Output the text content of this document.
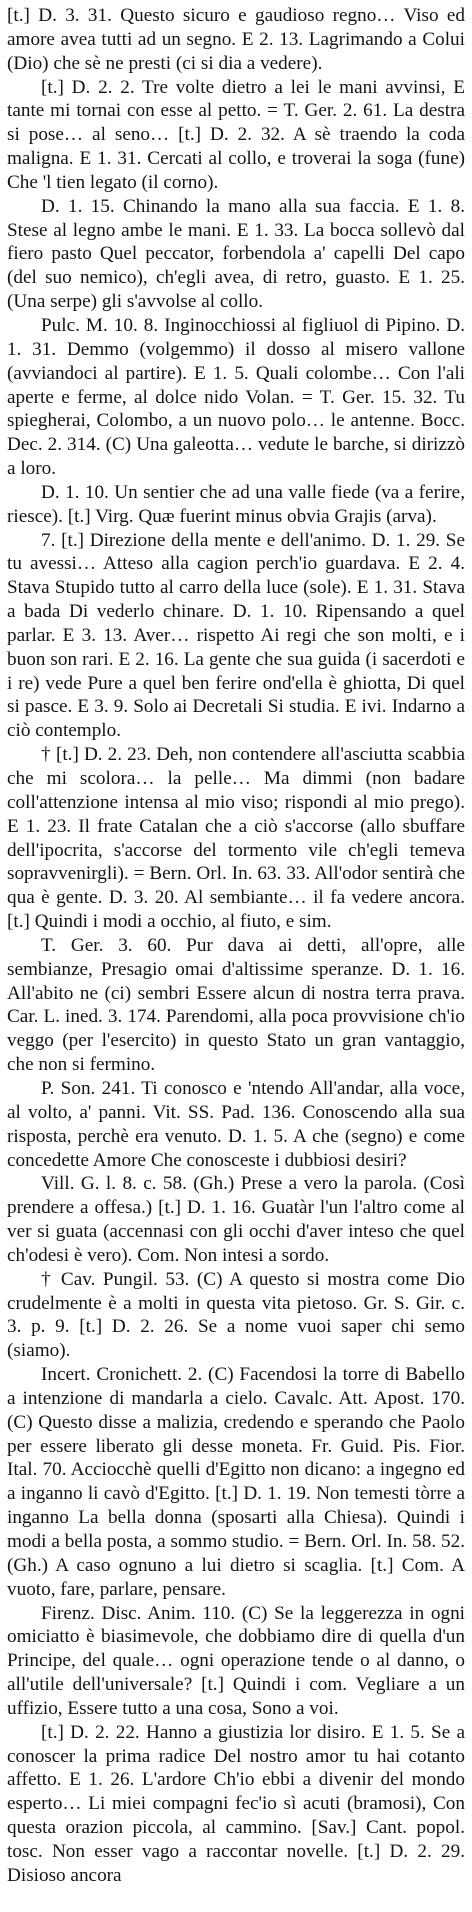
[t.] D. 3. 31. Questo sicuro e gaudioso regno… Viso ed amore avea tutti ad un segno. E 2. 13. Lagrimando a Colui (Dio) che sè ne presti (ci si dia a vedere).

[t.] D. 2. 2. Tre volte dietro a lei le mani avvinsi, E tante mi tornai con esse al petto. = T. Ger. 2. 61. La destra si pose… al seno… [t.] D. 2. 32. A sè traendo la coda maligna. E 1. 31. Cercati al collo, e troverai la soga (fune) Che 'l tien legato (il corno).

D. 1. 15. Chinando la mano alla sua faccia. E 1. 8. Stese al legno ambe le mani. E 1. 33. La bocca sollevò dal fiero pasto Quel peccator, forbendola a' capelli Del capo (del suo nemico), ch'egli avea, di retro, guasto. E 1. 25. (Una serpe) gli s'avvolse al collo.

Pulc. M. 10. 8. Inginocchiossi al figliuol di Pipino. D. 1. 31. Demmo (volgemmo) il dosso al misero vallone (avviandoci al partire). E 1. 5. Quali colombe… Con l'ali aperte e ferme, al dolce nido Volan. = T. Ger. 15. 32. Tu spiegherai, Colombo, a un nuovo polo… le antenne. Bocc. Dec. 2. 314. (C) Una galeotta… vedute le barche, si dirizzò a loro.

D. 1. 10. Un sentier che ad una valle fiede (va a ferire, riesce). [t.] Virg. Quæ fuerint minus obvia Grajis (arva).

7. [t.] Direzione della mente e dell'animo. D. 1. 29. Se tu avessi… Atteso alla cagion perch'io guardava. E 2. 4. Stava Stupido tutto al carro della luce (sole). E 1. 31. Stava a bada Di vederlo chinare. D. 1. 10. Ripensando a quel parlar. E 3. 13. Aver… rispetto Ai regi che son molti, e i buon son rari. E 2. 16. La gente che sua guida (i sacerdoti e i re) vede Pure a quel ben ferire ond'ella è ghiotta, Di quel si pasce. E 3. 9. Solo ai Decretali Si studia. E ivi. Indarno a ciò contemplo.

† [t.] D. 2. 23. Deh, non contendere all'asciutta scabbia che mi scolora… la pelle… Ma dimmi (non badare coll'attenzione intensa al mio viso; rispondi al mio prego). E 1. 23. Il frate Catalan che a ciò s'accorse (allo sbuffare dell'ipocrita, s'accorse del tormento vile ch'egli temeva sopravvenirgli). = Bern. Orl. In. 63. 33. All'odor sentirà che qua è gente. D. 3. 20. Al sembiante… il fa vedere ancora. [t.] Quindi i modi a occhio, al fiuto, e sim.

T. Ger. 3. 60. Pur dava ai detti, all'opre, alle sembianze, Presagio omai d'altissime speranze. D. 1. 16. All'abito ne (ci) sembri Essere alcun di nostra terra prava. Car. L. ined. 3. 174. Parendomi, alla poca provvisione ch'io veggo (per l'esercito) in questo Stato un gran vantaggio, che non si fermino.

P. Son. 241. Ti conosco e 'ntendo All'andar, alla voce, al volto, a' panni. Vit. SS. Pad. 136. Conoscendo alla sua risposta, perchè era venuto. D. 1. 5. A che (segno) e come concedette Amore Che conosceste i dubbiosi desiri?

Vill. G. l. 8. c. 58. (Gh.) Prese a vero la parola. (Così prendere a offesa.) [t.] D. 1. 16. Guatàr l'un l'altro come al ver si guata (accennasi con gli occhi d'aver inteso che quel ch'odesi è vero). Com. Non intesi a sordo.

† Cav. Pungil. 53. (C) A questo si mostra come Dio crudelmente è a molti in questa vita pietoso. Gr. S. Gir. c. 3. p. 9. [t.] D. 2. 26. Se a nome vuoi saper chi semo (siamo).

Incert. Cronichett. 2. (C) Facendosi la torre di Babello a intenzione di mandarla a cielo. Cavalc. Att. Apost. 170. (C) Questo disse a malizia, credendo e sperando che Paolo per essere liberato gli desse moneta. Fr. Guid. Pis. Fior. Ital. 70. Acciocchè quelli d'Egitto non dicano: a ingegno ed a inganno li cavò d'Egitto. [t.] D. 1. 19. Non temesti tòrre a inganno La bella donna (sposarti alla Chiesa). Quindi i modi a bella posta, a sommo studio. = Bern. Orl. In. 58. 52. (Gh.) A caso ognuno a lui dietro si scaglia. [t.] Com. A vuoto, fare, parlare, pensare.

Firenz. Disc. Anim. 110. (C) Se la leggerezza in ogni omiciatto è biasimevole, che dobbiamo dire di quella d'un Principe, del quale… ogni operazione tende o al danno, o all'utile dell'universale? [t.] Quindi i com. Vegliare a un uffizio, Essere tutto a una cosa, Sono a voi.

[t.] D. 2. 22. Hanno a giustizia lor disiro. E 1. 5. Se a conoscer la prima radice Del nostro amor tu hai cotanto affetto. E 1. 26. L'ardore Ch'io ebbi a divenir del mondo esperto… Li miei compagni fec'io sì acuti (bramosi), Con questa orazion piccola, al cammino. [Sav.] Cant. popol. tosc. Non esser vago a raccontar novelle. [t.] D. 2. 29. Disioso ancora
